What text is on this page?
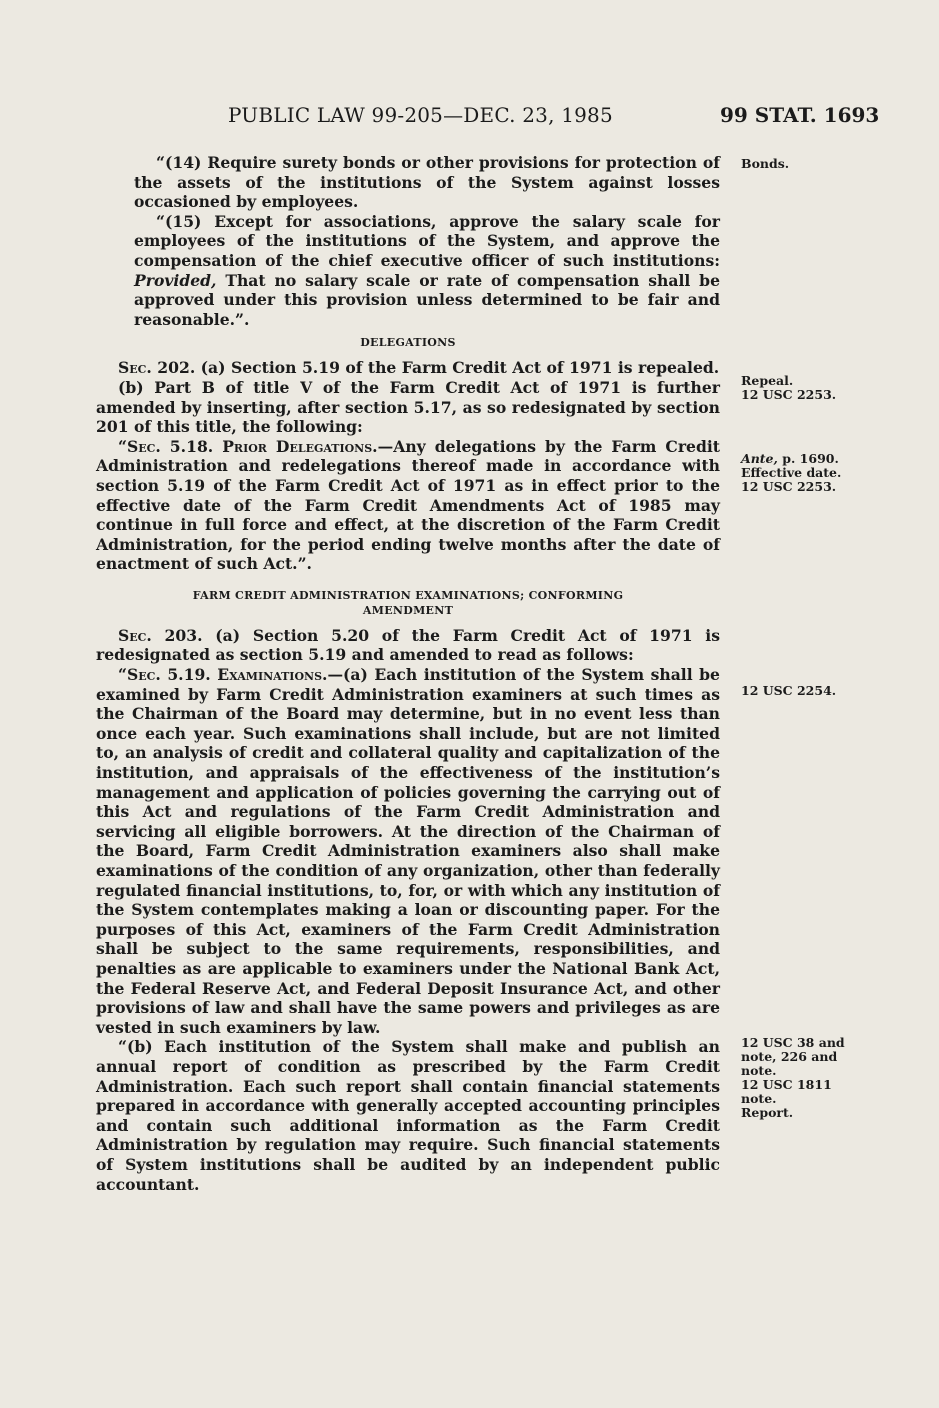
PUBLIC LAW 99-205—DEC. 23, 1985	99 STAT. 1693

“(14) Require surety bonds or other provisions for protection of the assets of the institutions of the System against losses occasioned by employees.

“(15) Except for associations, approve the salary scale for employees of the institutions of the System, and approve the compensation of the chief executive officer of such institutions: Provided, That no salary scale or rate of compensation shall be approved under this provision unless determined to be fair and reasonable.”.

DELEGATIONS

Sec. 202. (a) Section 5.19 of the Farm Credit Act of 1971 is repealed.

(b) Part B of title V of the Farm Credit Act of 1971 is further amended by inserting, after section 5.17, as so redesignated by section 201 of this title, the following:

“Sec. 5.18. Prior Delegations.—Any delegations by the Farm Credit Administration and redelegations thereof made in accordance with section 5.19 of the Farm Credit Act of 1971 as in effect prior to the effective date of the Farm Credit Amendments Act of 1985 may continue in full force and effect, at the discretion of the Farm Credit Administration, for the period ending twelve months after the date of enactment of such Act.”.

FARM CREDIT ADMINISTRATION EXAMINATIONS; CONFORMING
AMENDMENT

Sec. 203. (a) Section 5.20 of the Farm Credit Act of 1971 is redesignated as section 5.19 and amended to read as follows:

“Sec. 5.19. Examinations.—(a) Each institution of the System shall be examined by Farm Credit Administration examiners at such times as the Chairman of the Board may determine, but in no event less than once each year. Such examinations shall include, but are not limited to, an analysis of credit and collateral quality and capitalization of the institution, and appraisals of the effectiveness of the institution’s management and application of policies governing the carrying out of this Act and regulations of the Farm Credit Administration and servicing all eligible borrowers. At the direction of the Chairman of the Board, Farm Credit Administration examiners also shall make examinations of the condition of any organization, other than federally regulated financial institutions, to, for, or with which any institution of the System contemplates making a loan or discounting paper. For the purposes of this Act, examiners of the Farm Credit Administration shall be subject to the same requirements, responsibilities, and penalties as are applicable to examiners under the National Bank Act, the Federal Reserve Act, and Federal Deposit Insurance Act, and other provisions of law and shall have the same powers and privileges as are vested in such examiners by law.

“(b) Each institution of the System shall make and publish an annual report of condition as prescribed by the Farm Credit Administration. Each such report shall contain financial statements prepared in accordance with generally accepted accounting principles and contain such additional information as the Farm Credit Administration by regulation may require. Such financial statements of System institutions shall be audited by an independent public accountant.

Bonds.
Repeal.
12 USC 2253.
Ante, p. 1690.
Effective date.
12 USC 2253.
12 USC 2254.
12 USC 38 and
note, 226 and
note.
12 USC 1811
note.
Report.
